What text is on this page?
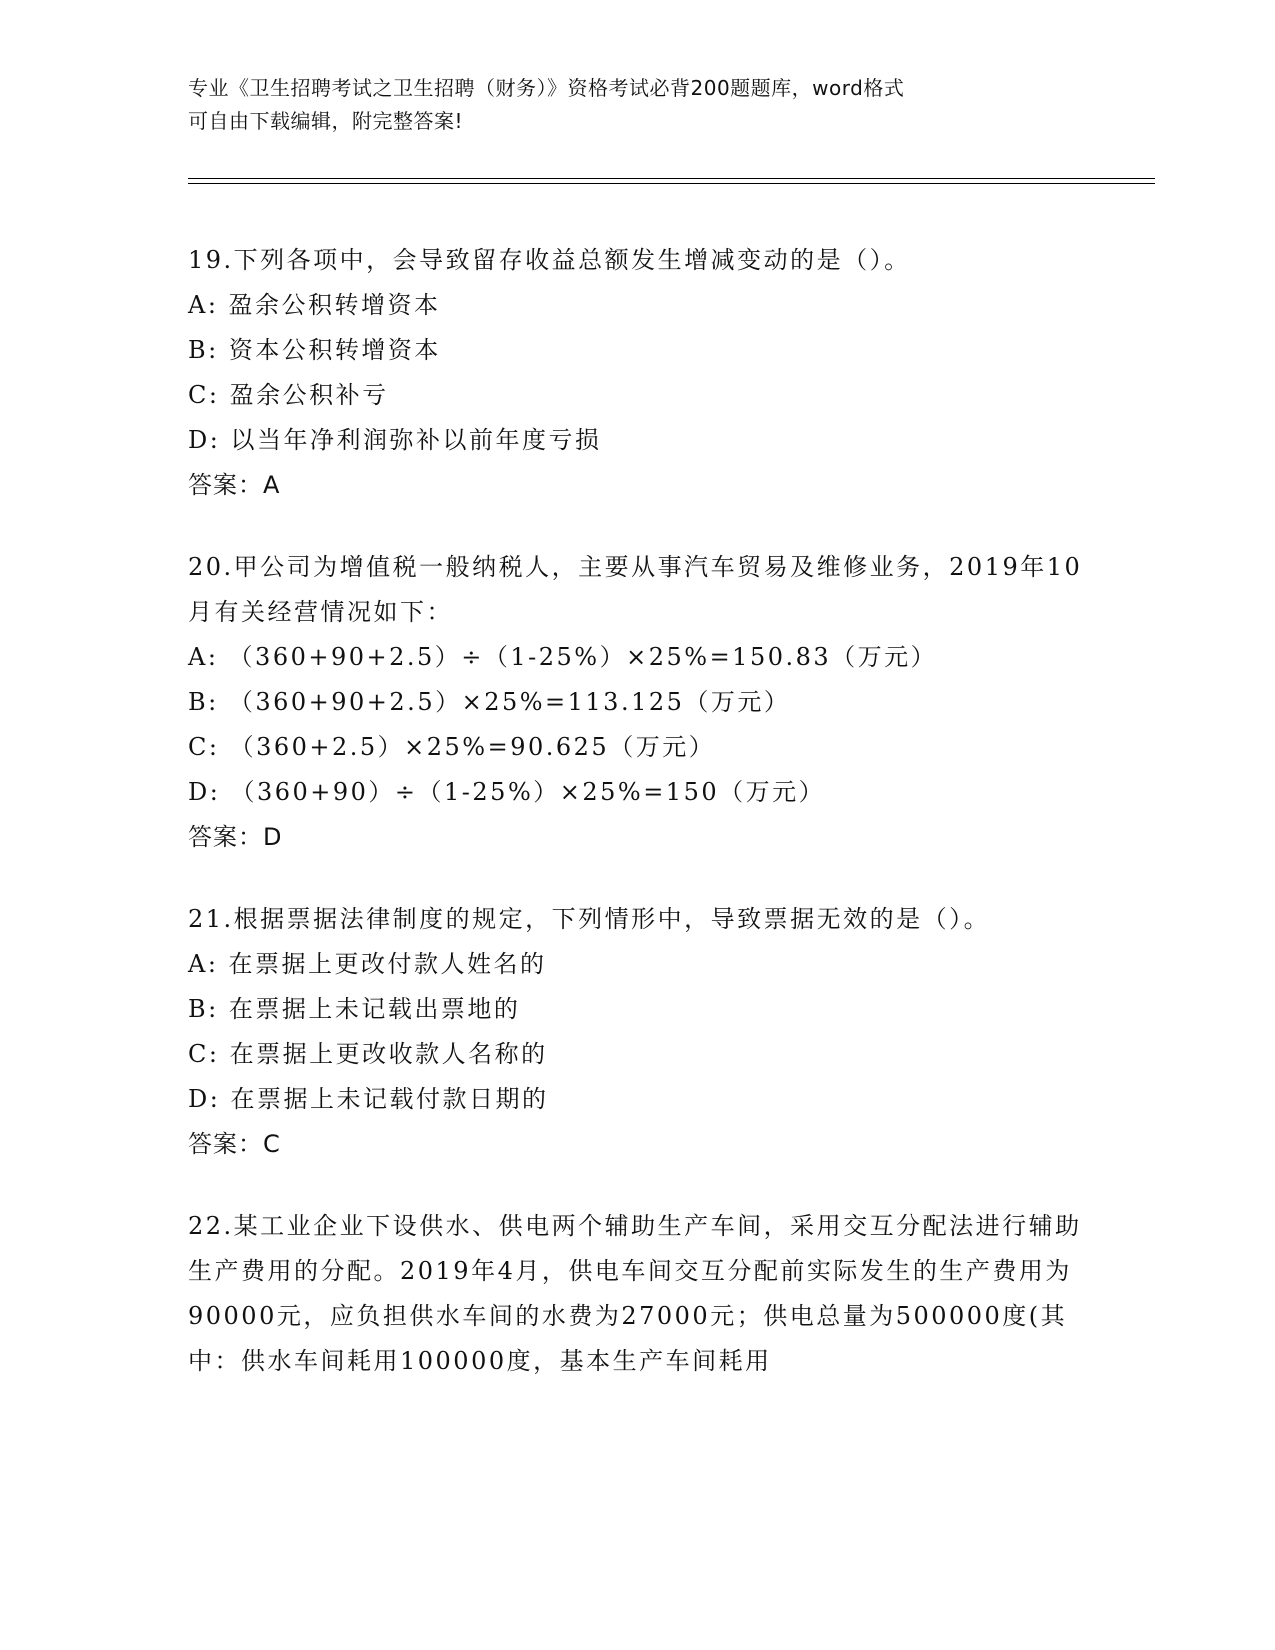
专业《卫生招聘考试之卫生招聘（财务）》资格考试必背200题题库，word格式
可自由下载编辑，附完整答案!

19.下列各项中，会导致留存收益总额发生增减变动的是（）。

A: 盈余公积转增资本

B: 资本公积转增资本

C: 盈余公积补亏

D: 以当年净利润弥补以前年度亏损

答案：A

20.甲公司为增值税一般纳税人，主要从事汽车贸易及维修业务，2019年10月有关经营情况如下：

A: （360+90+2.5）÷（1-25%）×25%=150.83（万元）

B: （360+90+2.5）×25%=113.125（万元）

C: （360+2.5）×25%=90.625（万元）

D: （360+90）÷（1-25%）×25%=150（万元）

答案：D

21.根据票据法律制度的规定，下列情形中，导致票据无效的是（）。

A: 在票据上更改付款人姓名的

B: 在票据上未记载出票地的

C: 在票据上更改收款人名称的

D: 在票据上未记载付款日期的

答案：C

22.某工业企业下设供水、供电两个辅助生产车间，采用交互分配法进行辅助生产费用的分配。2019年4月，供电车间交互分配前实际发生的生产费用为90000元，应负担供水车间的水费为27000元；供电总量为500000度(其中：供水车间耗用100000度，基本生产车间耗用
